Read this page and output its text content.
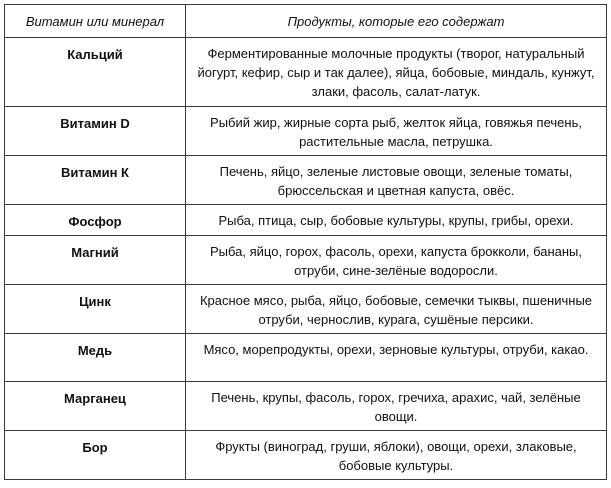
Витамин или минерал	Продукты, которые его содержат
Кальций	Ферментированные молочные продукты (творог, натуральный йогурт, кефир, сыр и так далее), яйца, бобовые, миндаль, кунжут, злаки, фасоль, салат-латук.
Витамин D	Рыбий жир, жирные сорта рыб, желток яйца, говяжья печень, растительные масла, петрушка.
Витамин К	Печень, яйцо, зеленые листовые овощи, зеленые томаты, брюссельская и цветная капуста, овёс.
Фосфор	Рыба, птица, сыр, бобовые культуры, крупы, грибы, орехи.
Магний	Рыба, яйцо, горох, фасоль, орехи, капуста брокколи, бананы, отруби, сине-зелёные водоросли.
Цинк	Красное мясо, рыба, яйцо, бобовые, семечки тыквы, пшеничные отруби, чернослив, курага, сушёные персики.
Медь	Мясо, морепродукты, орехи, зерновые культуры, отруби, какао.
Марганец	Печень, крупы, фасоль, горох, гречиха, арахис, чай, зелёные овощи.
Бор	Фрукты (виноград, груши, яблоки), овощи, орехи, злаковые, бобовые культуры.
